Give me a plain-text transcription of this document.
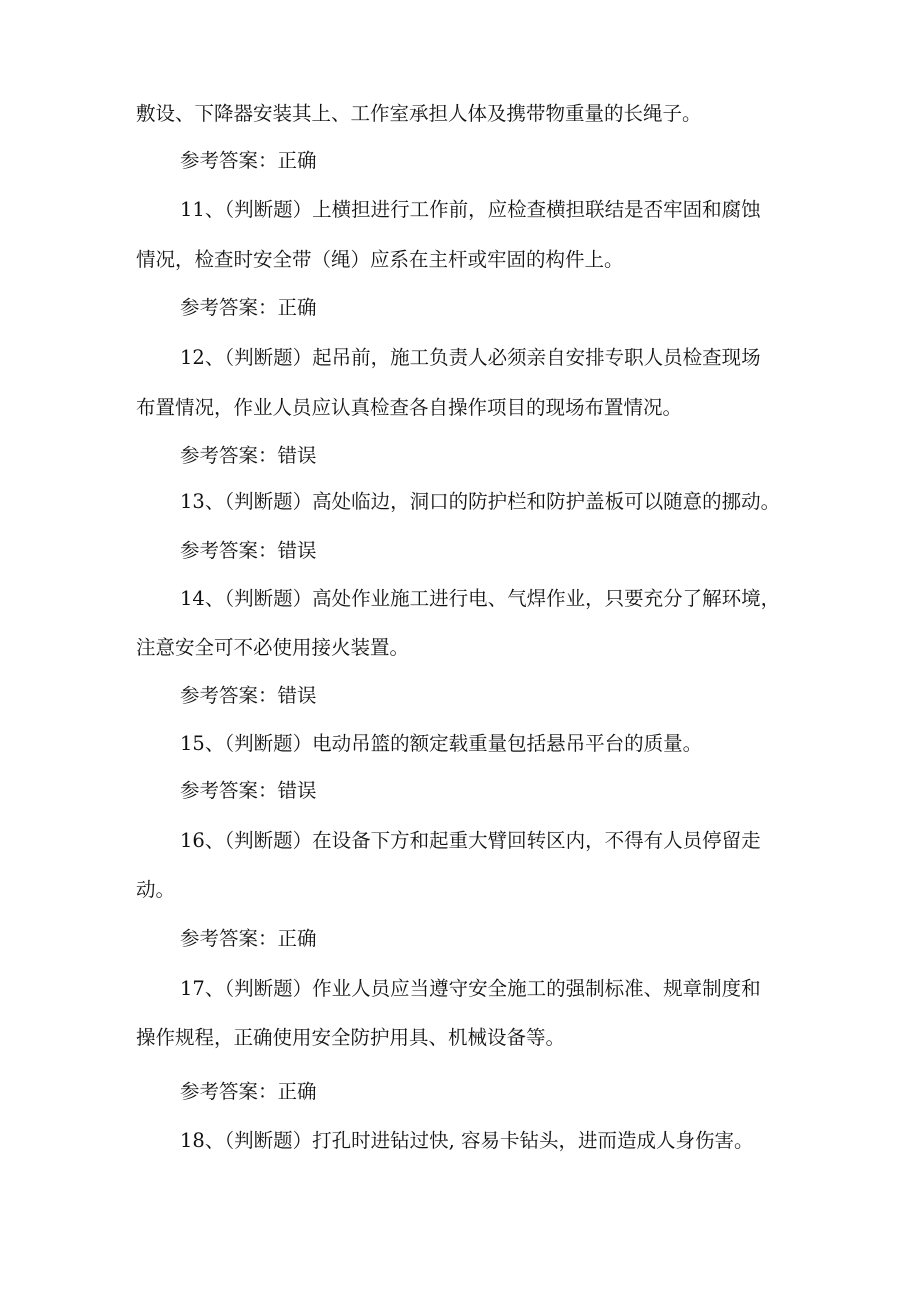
敷设、下降器安装其上、工作室承担人体及携带物重量的长绳子。
参考答案：正确
11、（判断题）上横担进行工作前，应检查横担联结是否牢固和腐蚀
情况，检查时安全带（绳）应系在主杆或牢固的构件上。
参考答案：正确
12、（判断题）起吊前，施工负责人必须亲自安排专职人员检查现场
布置情况，作业人员应认真检查各自操作项目的现场布置情况。
参考答案：错误
13、（判断题）高处临边，洞口的防护栏和防护盖板可以随意的挪动。
参考答案：错误
14、（判断题）高处作业施工进行电、气焊作业，只要充分了解环境，
注意安全可不必使用接火装置。
参考答案：错误
15、（判断题）电动吊篮的额定载重量包括悬吊平台的质量。
参考答案：错误
16、（判断题）在设备下方和起重大臂回转区内，不得有人员停留走
动。
参考答案：正确
17、（判断题）作业人员应当遵守安全施工的强制标准、规章制度和
操作规程，正确使用安全防护用具、机械设备等。
参考答案：正确
18、（判断题）打孔时进钻过快, 容易卡钻头，进而造成人身伤害。
